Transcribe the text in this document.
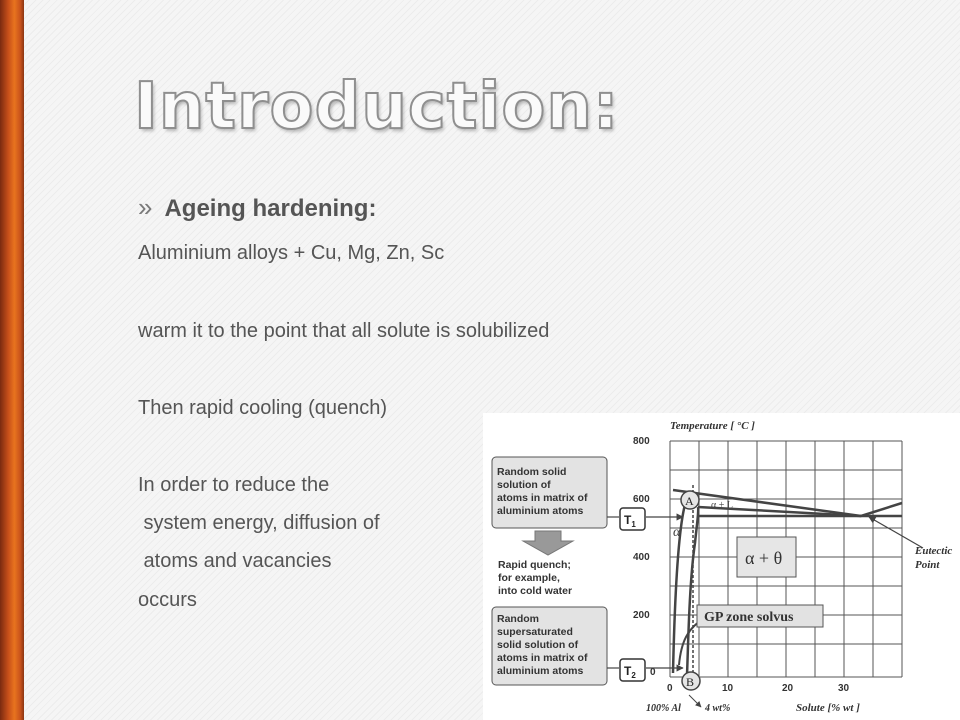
Introduction:
» Ageing hardening:
Aluminium alloys + Cu, Mg, Zn, Sc
warm it to the point that all solute is solubilized
Then rapid cooling (quench)
In order to reduce the
system energy, diffusion of
atoms and vacancies
occurs
Temperature [ °C ]
800
600
400
200
0
0	10	20	30
100% Al 4 wt%	Solute [% wt ]
A
B
α + L
α
α + θ
GP zone solvus
Eutectic
Point
Random solid
solution of
atoms in matrix of
aluminium atoms
$T_1$
Rapid quench;
for example,
into cold water
Random
supersaturated
solid solution of
atoms in matrix of
aluminium atoms	$T_2$
